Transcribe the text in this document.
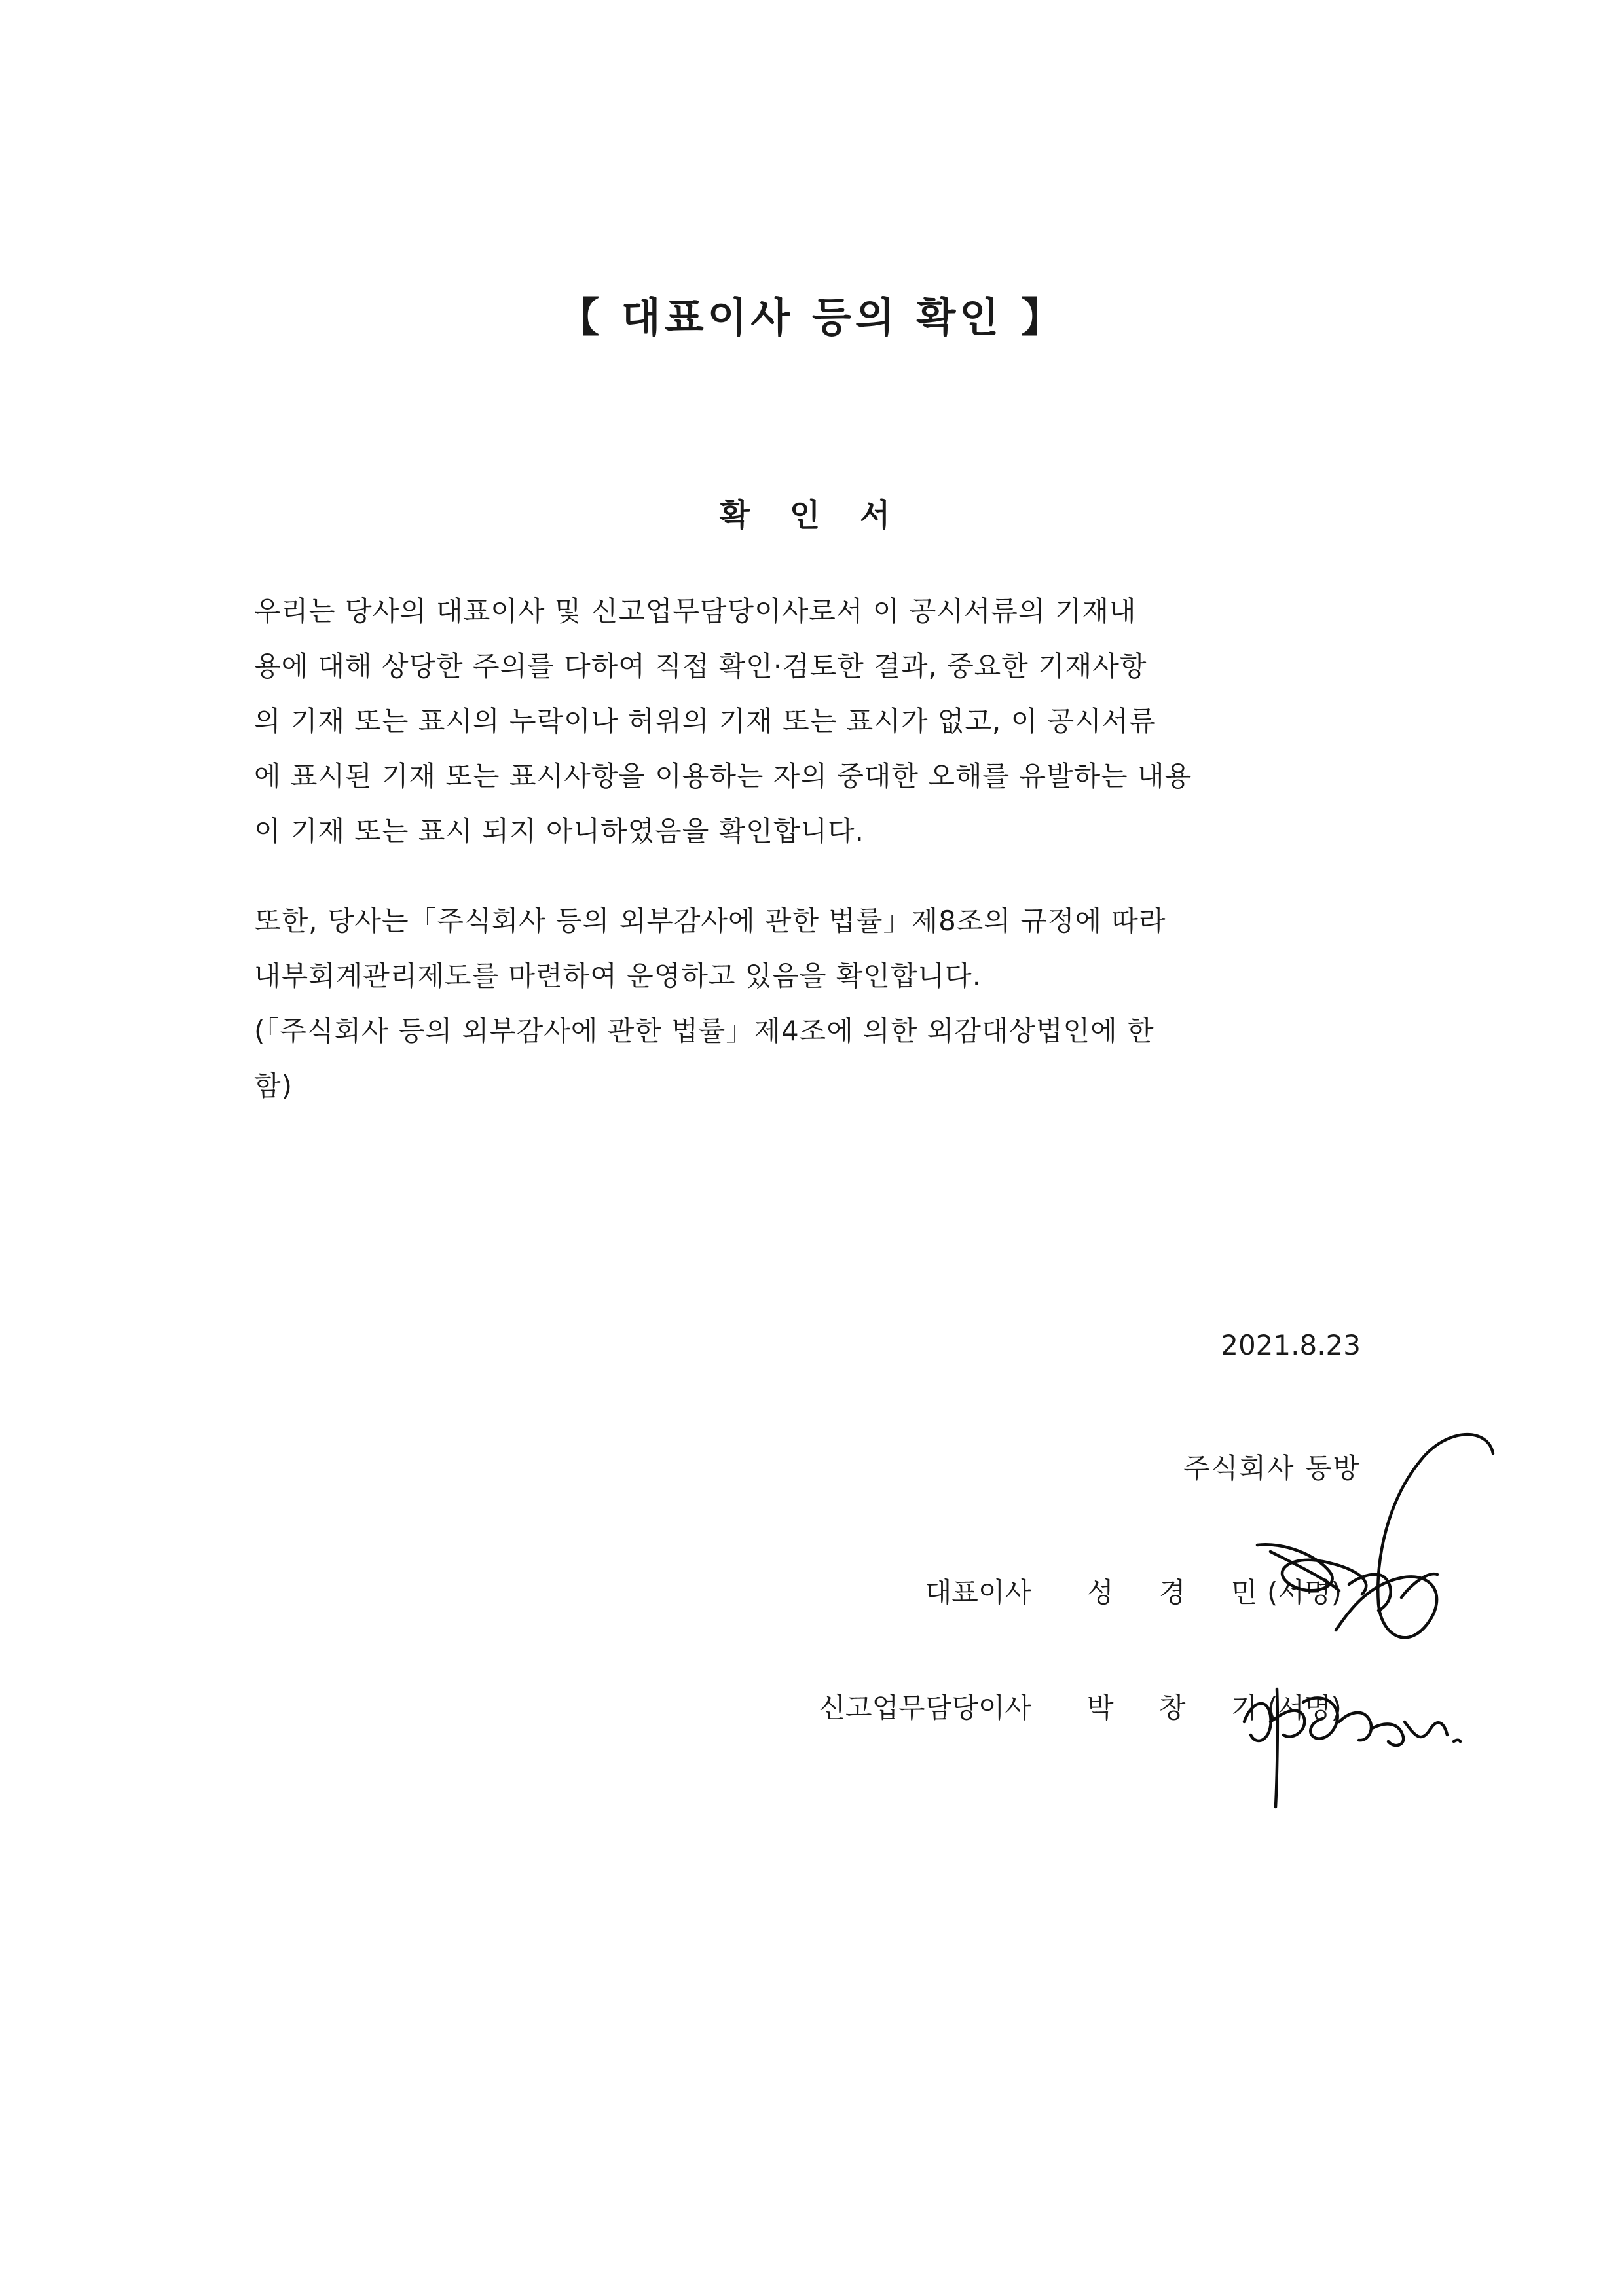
【 대표이사 등의 확인 】
확 인 서

우리는 당사의 대표이사 및 신고업무담당이사로서 이 공시서류의 기재내

용에 대해 상당한 주의를 다하여 직접 확인·검토한 결과, 중요한 기재사항

의 기재 또는 표시의 누락이나 허위의 기재 또는 표시가 없고, 이 공시서류

에 표시된 기재 또는 표시사항을 이용하는 자의 중대한 오해를 유발하는 내용

이 기재 또는 표시 되지 아니하였음을 확인합니다.

또한, 당사는「주식회사 등의 외부감사에 관한 법률」제8조의 규정에 따라

내부회계관리제도를 마련하여 운영하고 있음을 확인합니다.

(「주식회사 등의 외부감사에 관한 법률」제4조에 의한 외감대상법인에 한

함)

2021.8.23
주식회사 동방
대표이사 성 경 민
(서명)
신고업무담당이사 박 창 기
(서명)
